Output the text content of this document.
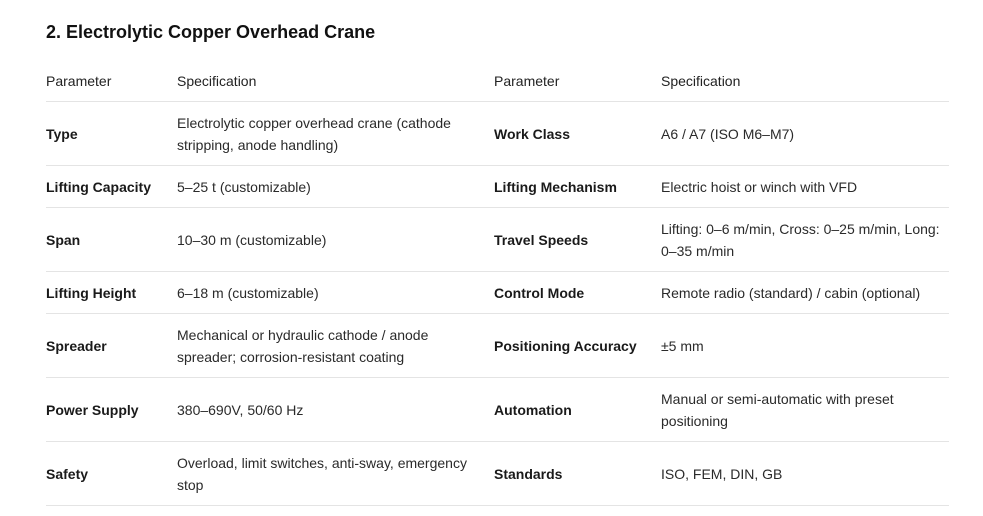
2. Electrolytic Copper Overhead Crane
Parameter	Specification	Parameter	Specification
Type	Electrolytic copper overhead crane (cathode stripping, anode handling)	Work Class	A6 / A7 (ISO M6–M7)
Lifting Capacity	5–25 t (customizable)	Lifting Mechanism	Electric hoist or winch with VFD
Span	10–30 m (customizable)	Travel Speeds	Lifting: 0–6 m/min, Cross: 0–25 m/min, Long: 0–35 m/min
Lifting Height	6–18 m (customizable)	Control Mode	Remote radio (standard) / cabin (optional)
Spreader	Mechanical or hydraulic cathode / anode spreader; corrosion-resistant coating	Positioning Accuracy	±5 mm
Power Supply	380–690V, 50/60 Hz	Automation	Manual or semi-automatic with preset positioning
Safety	Overload, limit switches, anti-sway, emergency stop	Standards	ISO, FEM, DIN, GB
